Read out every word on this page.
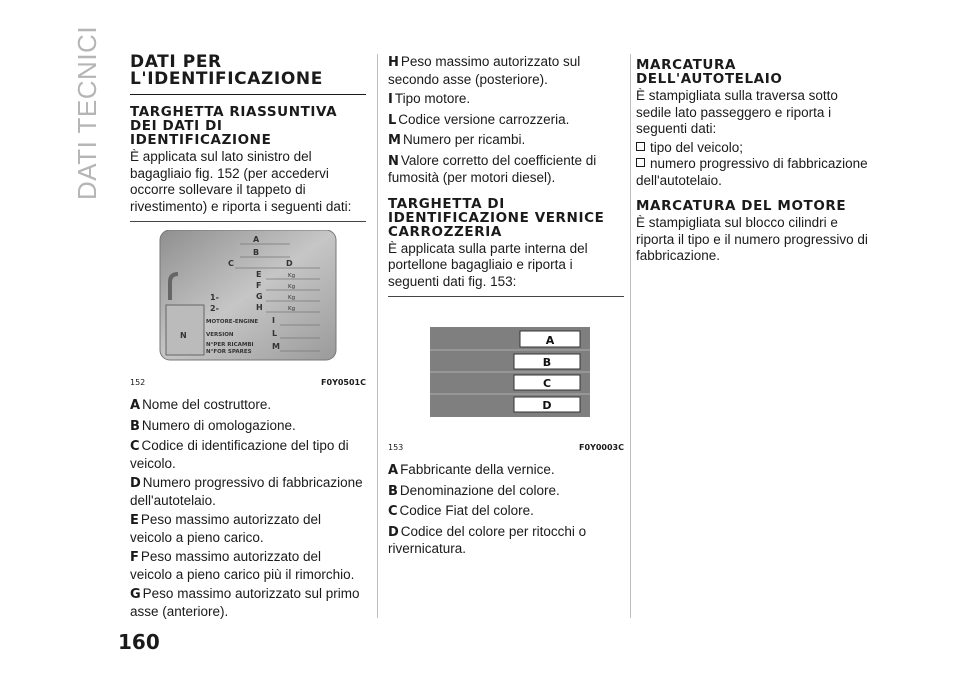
DATI TECNICI
160
DATI PER L'IDENTIFICAZIONE
TARGHETTA RIASSUNTIVA DEI DATI DI IDENTIFICAZIONE

È applicata sul lato sinistro del bagagliaio fig. 152 (per accedervi occorre sollevare il tappeto di rivestimento) e riporta i seguenti dati:

A
B
C	D
E
F
G
H
1-
2-
I
L
M
N
Kg
Kg
Kg
Kg
MOTORE-ENGINE
VERSION
N°PER RICAMBI
N°FOR SPARES
152	F0Y0501C
A Nome del costruttore.
B Numero di omologazione.
C Codice di identificazione del tipo di veicolo.
D Numero progressivo di fabbricazione dell'autotelaio.
E Peso massimo autorizzato del veicolo a pieno carico.
F Peso massimo autorizzato del veicolo a pieno carico più il rimorchio.
G Peso massimo autorizzato sul primo asse (anteriore).
H Peso massimo autorizzato sul secondo asse (posteriore).
I Tipo motore.
L Codice versione carrozzeria.
M Numero per ricambi.
N Valore corretto del coefficiente di fumosità (per motori diesel).
TARGHETTA DI IDENTIFICAZIONE VERNICE CARROZZERIA

È applicata sulla parte interna del portellone bagagliaio e riporta i seguenti dati fig. 153:

A
B
C
D
153	F0Y0003C
A Fabbricante della vernice.
B Denominazione del colore.
C Codice Fiat del colore.
D Codice del colore per ritocchi o rivernicatura.
MARCATURA DELL'AUTOTELAIO

È stampigliata sulla traversa sotto sedile lato passeggero e riporta i seguenti dati:

tipo del veicolo;
numero progressivo di fabbricazione dell'autotelaio.
MARCATURA DEL MOTORE

È stampigliata sul blocco cilindri e riporta il tipo e il numero progressivo di fabbricazione.
